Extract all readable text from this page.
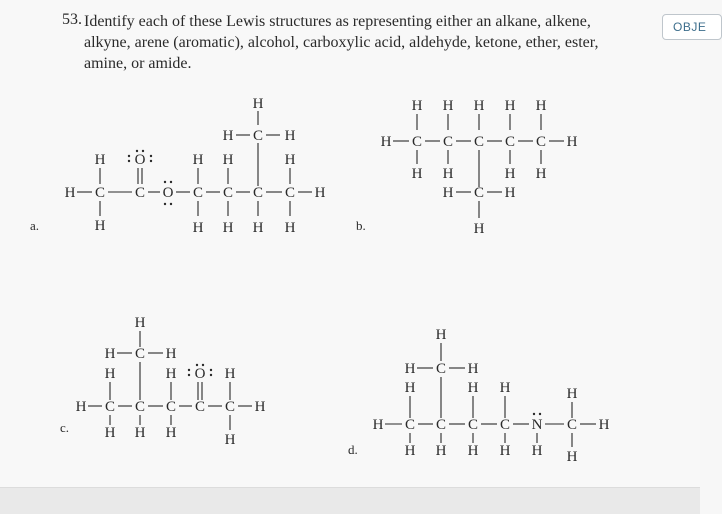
53. Identify each of these Lewis structures as representing either an alkane, alkene, alkyne, arene (aromatic), alcohol, carboxylic acid, aldehyde, ketone, ether, ester, amine, or amide.
OBJE
a.
H
H C H
H O	H H	H
H C C O C C C C H
H	H H H H	b.
H H H H H
H C C C C C H
H H	H H
H C H
H
c.
H
H C H
H	H O H
H C C C C C H
H H H	H
d.
H
H C H
H	H H	H
H C C C C N C H
H H H H H H
